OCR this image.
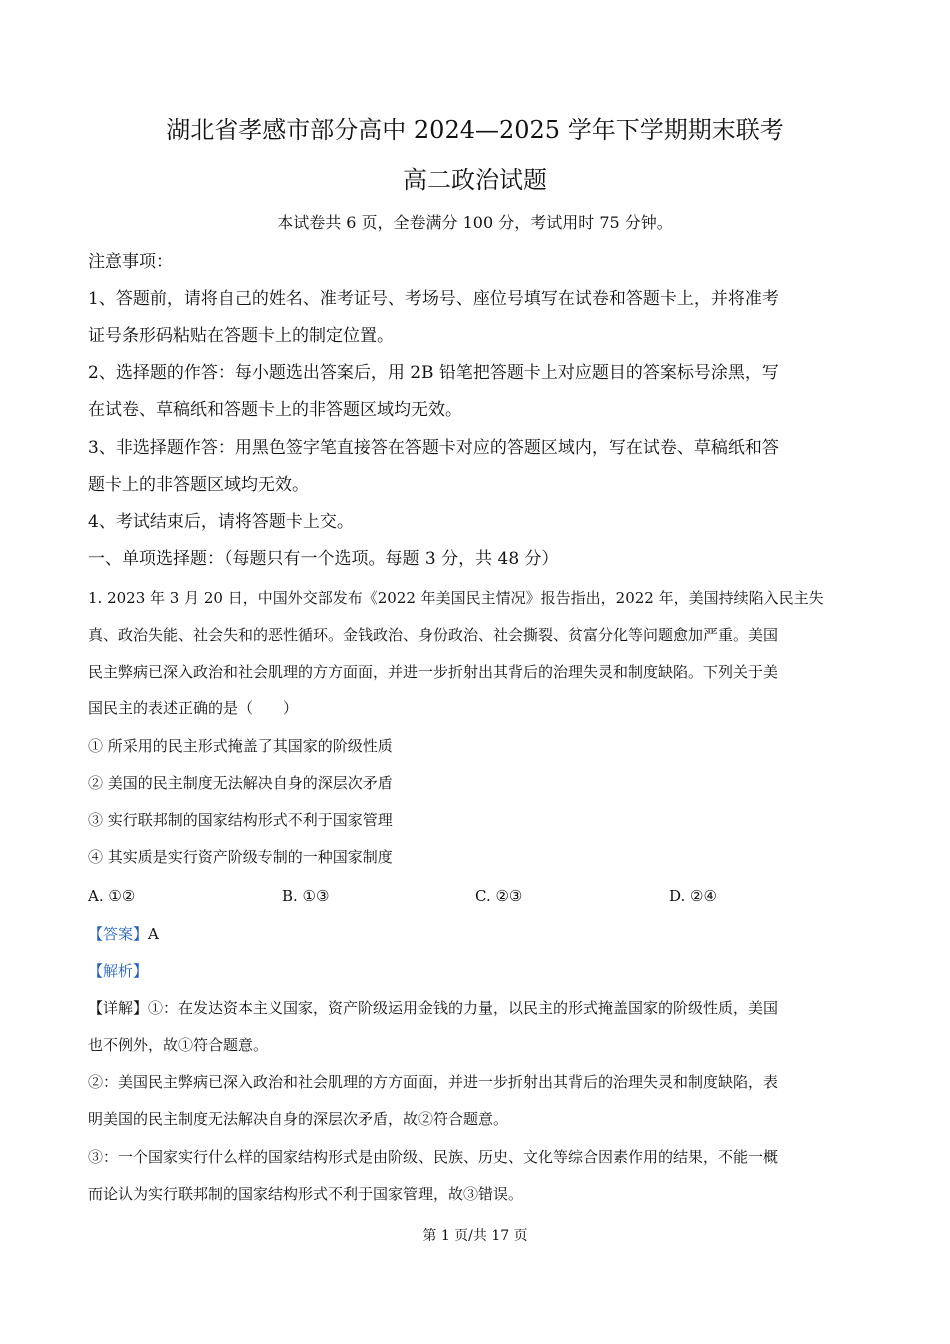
湖北省孝感市部分高中 2024—2025 学年下学期期末联考
高二政治试题
本试卷共 6 页，全卷满分 100 分，考试用时 75 分钟。
注意事项：
1、答题前，请将自己的姓名、准考证号、考场号、座位号填写在试卷和答题卡上，并将准考
证号条形码粘贴在答题卡上的制定位置。
2、选择题的作答：每小题选出答案后，用 2B 铅笔把答题卡上对应题目的答案标号涂黑，写
在试卷、草稿纸和答题卡上的非答题区域均无效。
3、非选择题作答：用黑色签字笔直接答在答题卡对应的答题区域内，写在试卷、草稿纸和答
题卡上的非答题区域均无效。
4、考试结束后，请将答题卡上交。
一、单项选择题：（每题只有一个选项。每题 3 分，共 48 分）
1. 2023 年 3 月 20 日，中国外交部发布《2022 年美国民主情况》报告指出，2022 年，美国持续陷入民主失
真、政治失能、社会失和的恶性循环。金钱政治、身份政治、社会撕裂、贫富分化等问题愈加严重。美国
民主弊病已深入政治和社会肌理的方方面面，并进一步折射出其背后的治理失灵和制度缺陷。下列关于美
国民主的表述正确的是（　　）
① 所采用的民主形式掩盖了其国家的阶级性质
② 美国的民主制度无法解决自身的深层次矛盾
③ 实行联邦制的国家结构形式不利于国家管理
④ 其实质是实行资产阶级专制的一种国家制度
A. ①②	B. ①③	C. ②③	D. ②④
【答案】A
【解析】
【详解】①：在发达资本主义国家，资产阶级运用金钱的力量，以民主的形式掩盖国家的阶级性质，美国
也不例外，故①符合题意。
②：美国民主弊病已深入政治和社会肌理的方方面面，并进一步折射出其背后的治理失灵和制度缺陷，表
明美国的民主制度无法解决自身的深层次矛盾，故②符合题意。
③：一个国家实行什么样的国家结构形式是由阶级、民族、历史、文化等综合因素作用的结果，不能一概
而论认为实行联邦制的国家结构形式不利于国家管理，故③错误。
第 1 页/共 17 页
